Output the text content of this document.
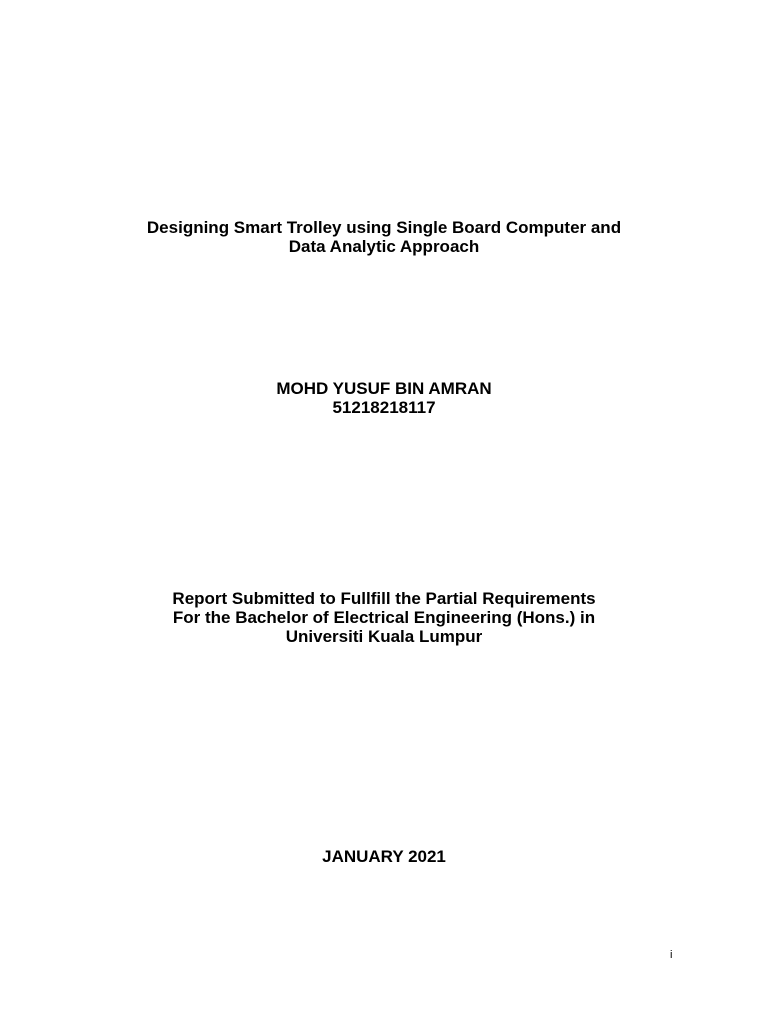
Designing Smart Trolley using Single Board Computer and
Data Analytic Approach
MOHD YUSUF BIN AMRAN
51218218117
Report Submitted to Fullfill the Partial Requirements
For the Bachelor of Electrical Engineering (Hons.) in
Universiti Kuala Lumpur
JANUARY 2021
i
